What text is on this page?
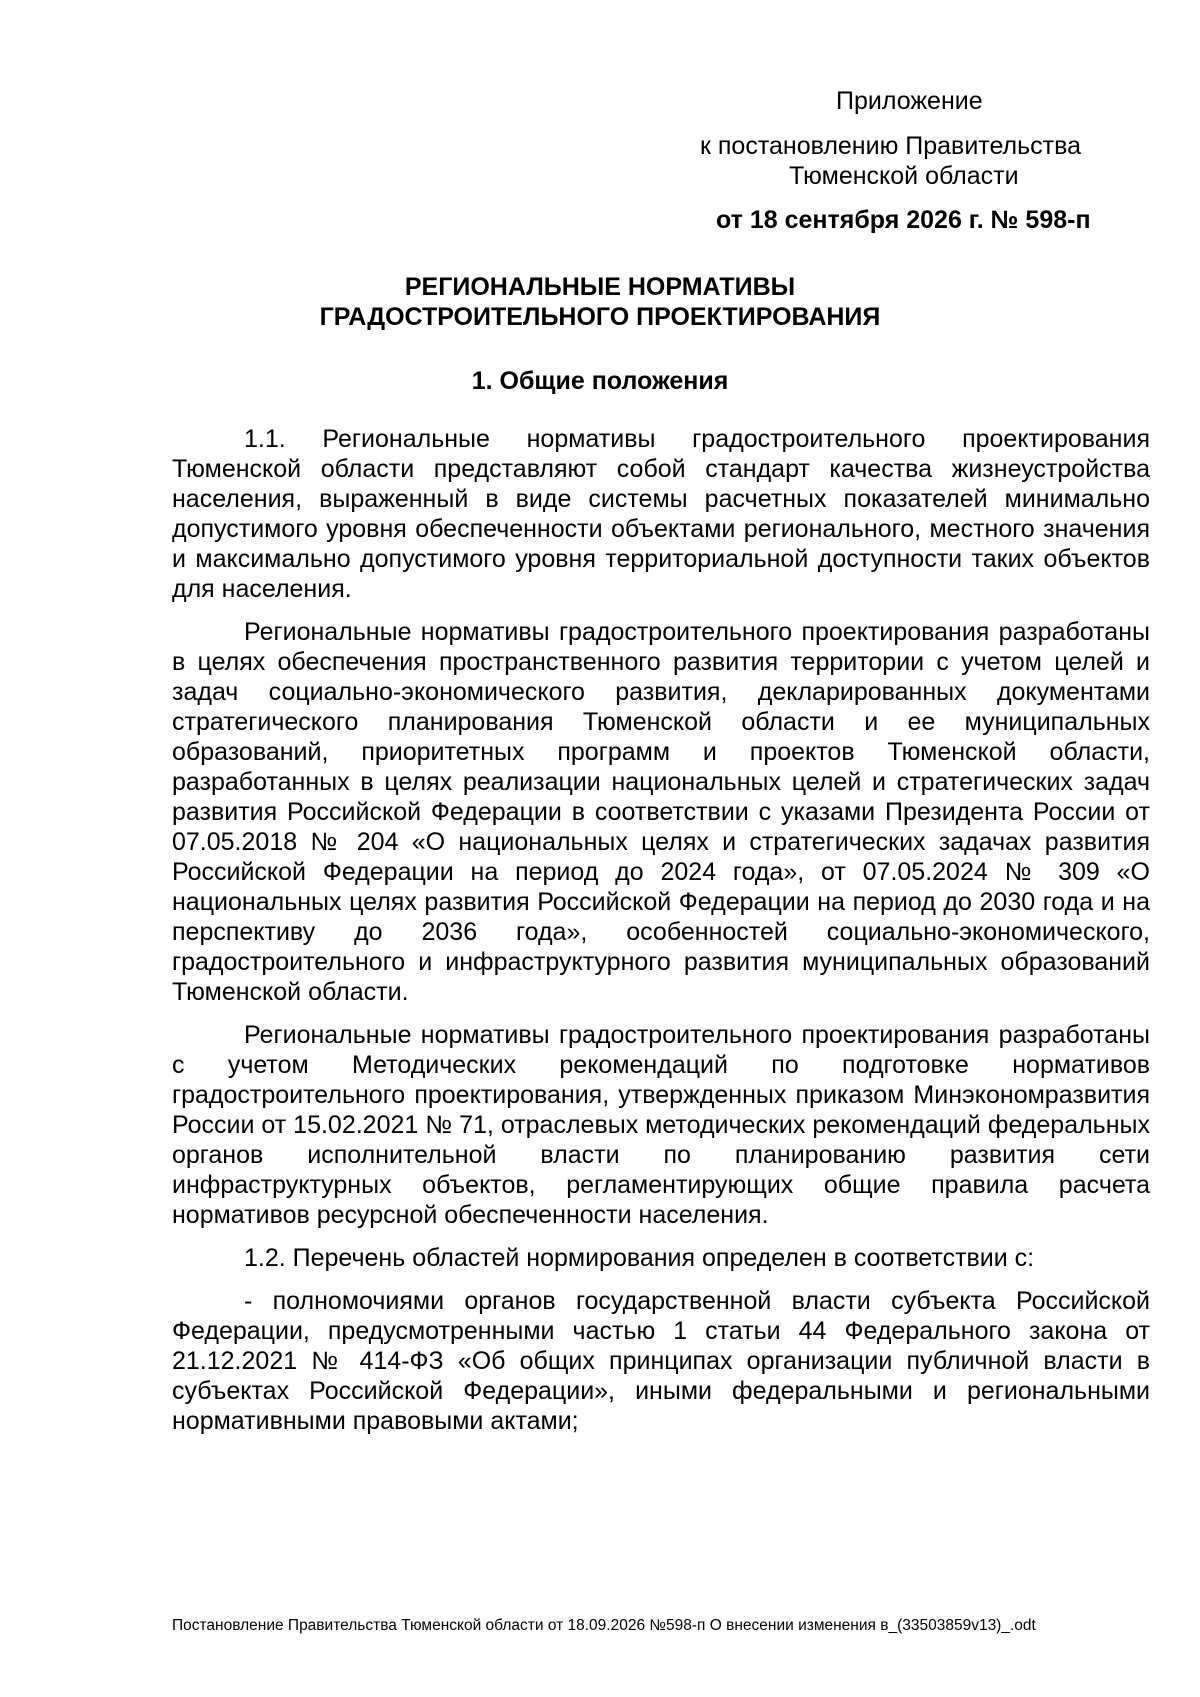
Приложение
к постановлению Правительства
Тюменской области
от 18 сентября 2026 г. № 598-п
РЕГИОНАЛЬНЫЕ НОРМАТИВЫ
ГРАДОСТРОИТЕЛЬНОГО ПРОЕКТИРОВАНИЯ
1. Общие положения

1.1. Региональные нормативы градостроительного проектирования Тюменской области представляют собой стандарт качества жизнеустройства населения, выраженный в виде системы расчетных показателей минимально допустимого уровня обеспеченности объектами регионального, местного значения и максимально допустимого уровня территориальной доступности таких объектов для населения.

Региональные нормативы градостроительного проектирования разработаны в целях обеспечения пространственного развития территории с учетом целей и задач социально-экономического развития, декларированных документами стратегического планирования Тюменской области и ее муниципальных образований, приоритетных программ и проектов Тюменской области, разработанных в целях реализации национальных целей и стратегических задач развития Российской Федерации в соответствии с указами Президента России от 07.05.2018 № 204 «О национальных целях и стратегических задачах развития Российской Федерации на период до 2024 года», от 07.05.2024 № 309 «О национальных целях развития Российской Федерации на период до 2030 года и на перспективу до 2036 года», особенностей социально-экономического, градостроительного и инфраструктурного развития муниципальных образований Тюменской области.

Региональные нормативы градостроительного проектирования разработаны с учетом Методических рекомендаций по подготовке нормативов градостроительного проектирования, утвержденных приказом Минэкономразвития России от 15.02.2021 № 71, отраслевых методических рекомендаций федеральных органов исполнительной власти по планированию развития сети инфраструктурных объектов, регламентирующих общие правила расчета нормативов ресурсной обеспеченности населения.

1.2. Перечень областей нормирования определен в соответствии с:

- полномочиями органов государственной власти субъекта Российской Федерации, предусмотренными частью 1 статьи 44 Федерального закона от 21.12.2021 № 414-ФЗ «Об общих принципах организации публичной власти в субъектах Российской Федерации», иными федеральными и региональными нормативными правовыми актами;

Постановление Правительства Тюменской области от 18.09.2026 №598-п О внесении изменения в_(33503859v13)_.odt
